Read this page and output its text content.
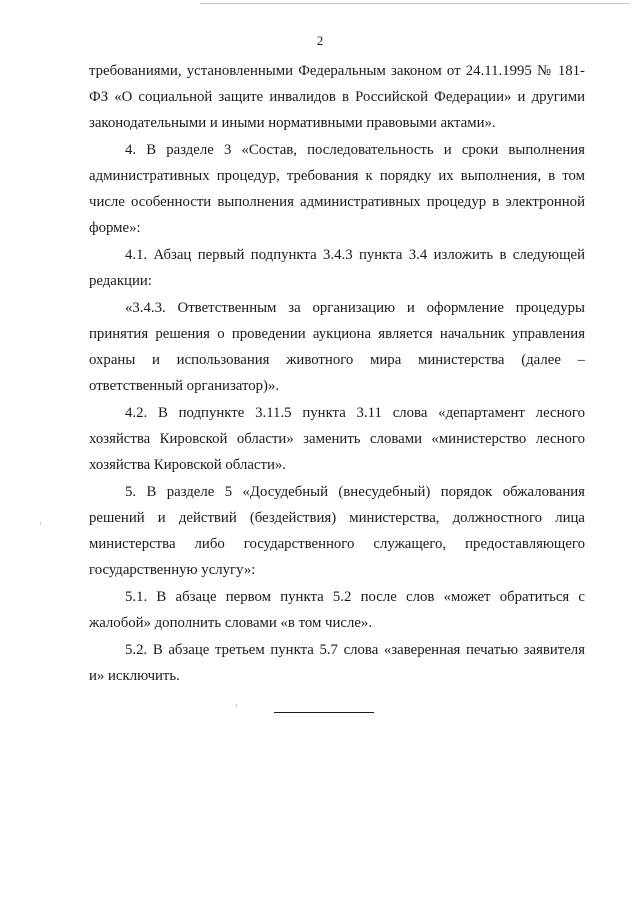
2

требованиями, установленными Федеральным законом от 24.11.1995 № 181-ФЗ «О социальной защите инвалидов в Российской Федерации» и другими законодательными и иными нормативными правовыми актами».

4. В разделе 3 «Состав, последовательность и сроки выполнения административных процедур, требования к порядку их выполнения, в том числе особенности выполнения административных процедур в электронной форме»:

4.1. Абзац первый подпункта 3.4.3 пункта 3.4 изложить в следующей редакции:

«3.4.3. Ответственным за организацию и оформление процедуры принятия решения о проведении аукциона является начальник управления охраны и использования животного мира министерства (далее – ответственный организатор)».

4.2. В подпункте 3.11.5 пункта 3.11 слова «департамент лесного хозяйства Кировской области» заменить словами «министерство лесного хозяйства Кировской области».

5. В разделе 5 «Досудебный (внесудебный) порядок обжалования решений и действий (бездействия) министерства, должностного лица министерства либо государственного служащего, предоставляющего государственную услугу»:

5.1. В абзаце первом пункта 5.2 после слов «может обратиться с жалобой» дополнить словами «в том числе».

5.2. В абзаце третьем пункта 5.7 слова «заверенная печатью заявителя и» исключить.
